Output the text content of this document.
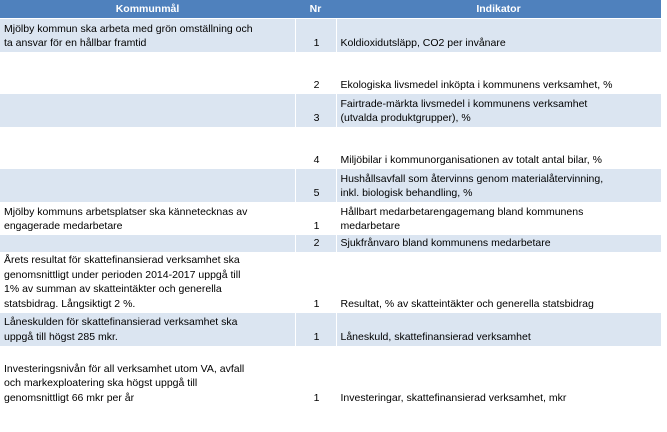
Kommunmål	Nr	Indikator
Mjölby kommun ska arbeta med grön omställning och
ta ansvar för en hållbar framtid	1	Koldioxidutsläpp, CO2 per invånare
	2	Ekologiska livsmedel inköpta i kommunens verksamhet, %
	3	Fairtrade-märkta livsmedel i kommunens verksamhet
(utvalda produktgrupper), %
	4	Miljöbilar i kommunorganisationen av totalt antal bilar, %
	5	Hushållsavfall som återvinns genom materialåtervinning,
inkl. biologisk behandling, %
Mjölby kommuns arbetsplatser ska kännetecknas av
engagerade medarbetare	1	Hållbart medarbetarengagemang bland kommunens
medarbetare
	2	Sjukfrånvaro bland kommunens medarbetare
Årets resultat för skattefinansierad verksamhet ska
genomsnittligt under perioden 2014-2017 uppgå till
1% av summan av skatteintäkter och generella
statsbidrag. Långsiktigt 2 %.	1	Resultat, % av skatteintäkter och generella statsbidrag
Låneskulden för skattefinansierad verksamhet ska
uppgå till högst 285 mkr.	1	Låneskuld, skattefinansierad verksamhet
Investeringsnivån för all verksamhet utom VA, avfall
och markexploatering ska högst uppgå till
genomsnittligt 66 mkr per år	1	Investeringar, skattefinansierad verksamhet, mkr
